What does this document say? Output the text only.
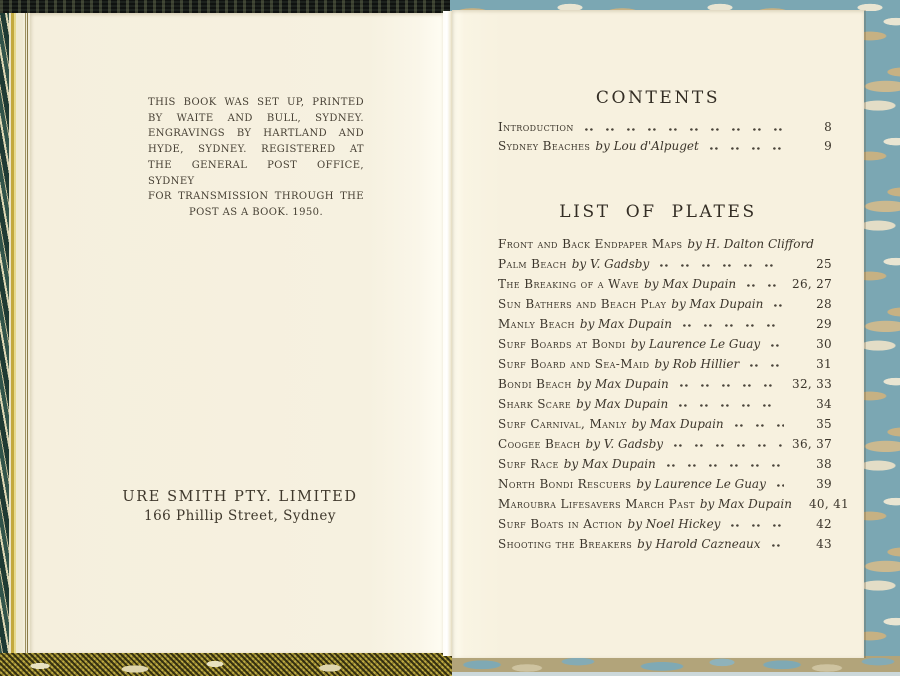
THIS BOOK WAS SET UP, PRINTED
BY WAITE AND BULL, SYDNEY.
ENGRAVINGS BY HARTLAND AND
HYDE, SYDNEY. REGISTERED AT
THE GENERAL POST OFFICE, SYDNEY
FOR TRANSMISSION THROUGH THE
POST AS A BOOK. 1950.
URE SMITH PTY. LIMITED
166 Phillip Street, Sydney
CONTENTS
Introduction	8
Sydney Beaches by Lou d'Alpuget	9
LIST OF PLATES
Front and Back Endpaper Maps by H. Dalton Clifford
Palm Beach by V. Gadsby	25
The Breaking of a Wave by Max Dupain	26, 27
Sun Bathers and Beach Play by Max Dupain	28
Manly Beach by Max Dupain	29
Surf Boards at Bondi by Laurence Le Guay	30
Surf Board and Sea-Maid by Rob Hillier	31
Bondi Beach by Max Dupain	32, 33
Shark Scare by Max Dupain	34
Surf Carnival, Manly by Max Dupain	35
Coogee Beach by V. Gadsby	36, 37
Surf Race by Max Dupain	38
North Bondi Rescuers by Laurence Le Guay	39
Maroubra Lifesavers March Past by Max Dupain 40, 41
Surf Boats in Action by Noel Hickey	42
Shooting the Breakers by Harold Cazneaux	43
